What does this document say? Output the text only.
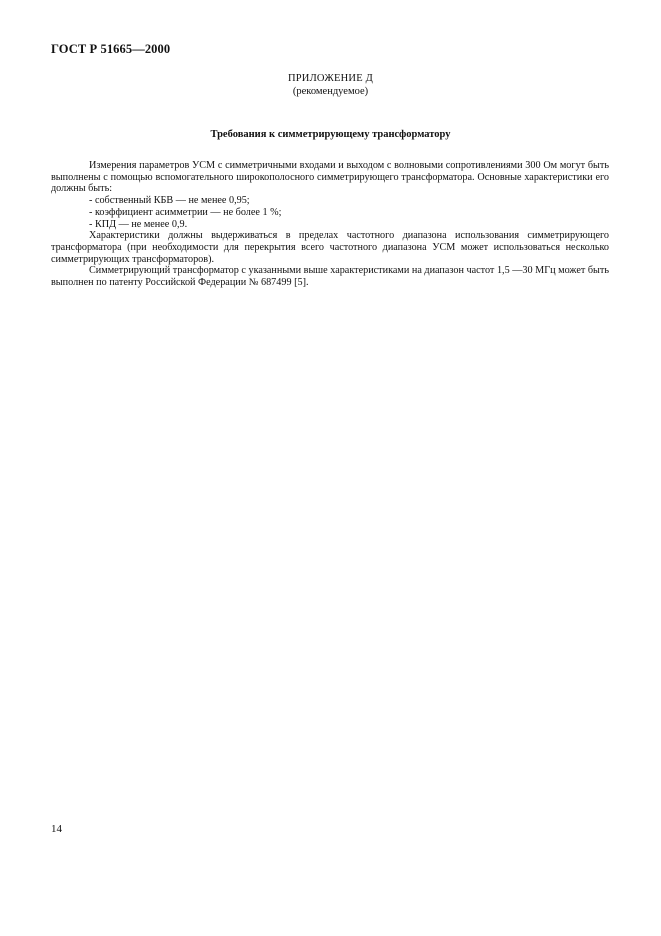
ГОСТ Р 51665—2000
ПРИЛОЖЕНИЕ Д
(рекомендуемое)
Требования к симметрирующему трансформатору

Измерения параметров УСМ с симметричными входами и выходом с волновыми сопротивлениями 300 Ом могут быть выполнены с помощью вспомогательного широкополосного симметрирующего трансформатора. Основные характеристики его должны быть:

- собственный КБВ — не менее 0,95;

- коэффициент асимметрии — не более 1 %;

- КПД — не менее 0,9.

Характеристики должны выдерживаться в пределах частотного диапазона использования симметрирующего трансформатора (при необходимости для перекрытия всего частотного диапазона УСМ может использоваться несколько симметрирующих трансформаторов).

Симметрирующий трансформатор с указанными выше характеристиками на диапазон частот 1,5 —30 МГц может быть выполнен по патенту Российской Федерации № 687499 [5].

14
